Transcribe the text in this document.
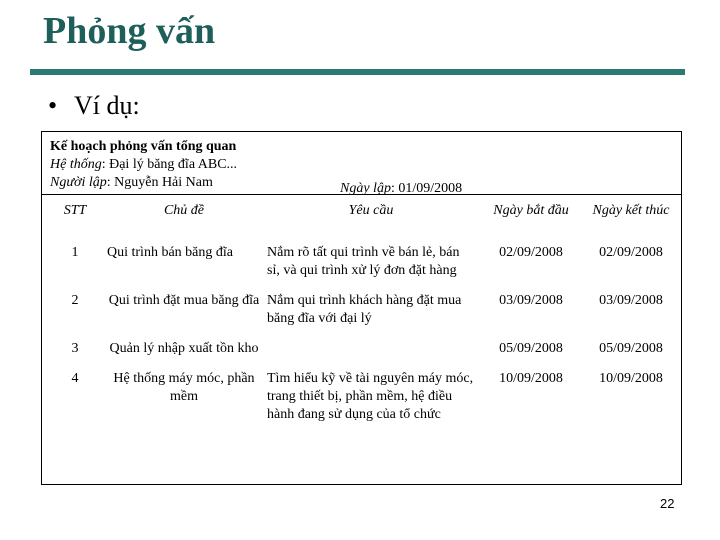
Phỏng vấn
• Ví dụ:
Kế hoạch phỏng vấn tổng quan
Hệ thống: Đại lý băng đĩa ABC...
Người lập: Nguyễn Hải Nam	Ngày lập: 01/09/2008
STT	Chủ đề	Yêu cầu	Ngày bắt đầu	Ngày kết thúc
1	Qui trình bán băng đĩa	Nắm rõ tất qui trình về bán lẻ, bán sỉ, và qui trình xử lý đơn đặt hàng	02/09/2008	02/09/2008
2	Qui trình đặt mua băng đĩa	Nắm qui trình khách hàng đặt mua băng đĩa với đại lý	03/09/2008	03/09/2008
3	Quản lý nhập xuất tồn kho		05/09/2008	05/09/2008
4	Hệ thống máy móc, phần mềm	Tìm hiểu kỹ về tài nguyên máy móc, trang thiết bị, phần mềm, hệ điều hành đang sử dụng của tổ chức	10/09/2008	10/09/2008
22
